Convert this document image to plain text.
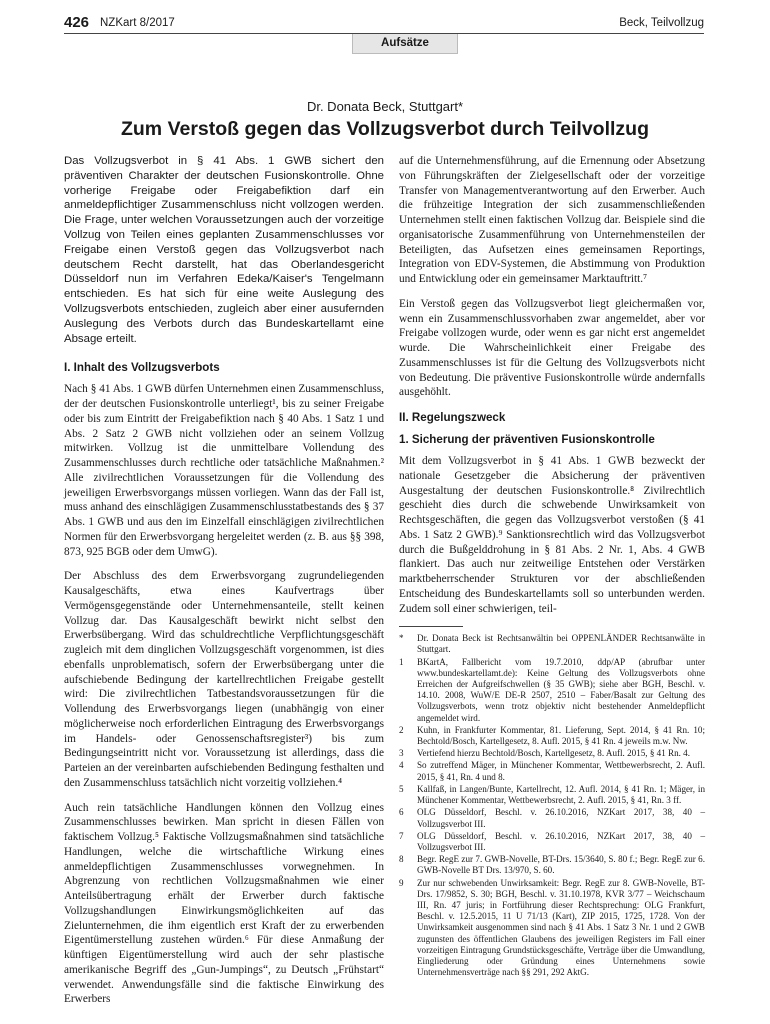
426 NZKart 8/2017	Beck, Teilvollzug
Aufsätze
Dr. Donata Beck, Stuttgart*
Zum Verstoß gegen das Vollzugsverbot durch Teilvollzug

Das Vollzugsverbot in § 41 Abs. 1 GWB sichert den präventiven Charakter der deutschen Fusionskontrolle. Ohne vorherige Freigabe oder Freigabefiktion darf ein anmeldepflichtiger Zusammenschluss nicht vollzogen werden. Die Frage, unter welchen Voraussetzungen auch der vorzeitige Vollzug von Teilen eines geplanten Zusammenschlusses vor Freigabe einen Verstoß gegen das Vollzugsverbot nach deutschem Recht darstellt, hat das Oberlandesgericht Düsseldorf nun im Verfahren Edeka/Kaiser's Tengelmann entschieden. Es hat sich für eine weite Auslegung des Vollzugsverbots entschieden, zugleich aber einer ausufernden Auslegung des Verbots durch das Bundeskartellamt eine Absage erteilt.

I. Inhalt des Vollzugsverbots

Nach § 41 Abs. 1 GWB dürfen Unternehmen einen Zusammenschluss, der der deutschen Fusionskontrolle unterliegt¹, bis zu seiner Freigabe oder bis zum Eintritt der Freigabefiktion nach § 40 Abs. 1 Satz 1 und Abs. 2 Satz 2 GWB nicht vollziehen oder an seinem Vollzug mitwirken. Vollzug ist die unmittelbare Vollendung des Zusammenschlusses durch rechtliche oder tatsächliche Maßnahmen.² Alle zivilrechtlichen Voraussetzungen für die Vollendung des jeweiligen Erwerbsvorgangs müssen vorliegen. Wann das der Fall ist, muss anhand des einschlägigen Zusammenschlusstatbestands des § 37 Abs. 1 GWB und aus den im Einzelfall einschlägigen zivilrechtlichen Normen für den Erwerbsvorgang hergeleitet werden (z. B. aus §§ 398, 873, 925 BGB oder dem UmwG).

Der Abschluss des dem Erwerbsvorgang zugrundeliegenden Kausalgeschäfts, etwa eines Kaufvertrags über Vermögensgegenstände oder Unternehmensanteile, stellt keinen Vollzug dar. Das Kausalgeschäft bewirkt nicht selbst den Erwerbsübergang. Wird das schuldrechtliche Verpflichtungsgeschäft zugleich mit dem dinglichen Vollzugsgeschäft vorgenommen, ist dies ebenfalls unproblematisch, sofern der Erwerbsübergang unter die aufschiebende Bedingung der kartellrechtlichen Freigabe gestellt wird: Die zivilrechtlichen Tatbestandsvoraussetzungen für die Vollendung des Erwerbsvorgangs liegen (unabhängig von einer möglicherweise noch erforderlichen Eintragung des Erwerbsvorgangs im Handels- oder Genossenschaftsregister³) bis zum Bedingungseintritt nicht vor. Voraussetzung ist allerdings, dass die Parteien an der vereinbarten aufschiebenden Bedingung festhalten und den Zusammenschluss tatsächlich nicht vorzeitig vollziehen.⁴

Auch rein tatsächliche Handlungen können den Vollzug eines Zusammenschlusses bewirken. Man spricht in diesen Fällen von faktischem Vollzug.⁵ Faktische Vollzugsmaßnahmen sind tatsächliche Handlungen, welche die wirtschaftliche Wirkung eines anmeldepflichtigen Zusammenschlusses vorwegnehmen. In Abgrenzung von rechtlichen Vollzugsmaßnahmen wie einer Anteilsübertragung erhält der Erwerber durch faktische Vollzugshandlungen Einwirkungsmöglichkeiten auf das Zielunternehmen, die ihm eigentlich erst Kraft der zu erwerbenden Eigentümerstellung zustehen würden.⁶ Für diese Anmaßung der künftigen Eigentümerstellung wird auch der sehr plastische amerikanische Begriff des „Gun-Jumpings“, zu Deutsch „Frühstart“ verwendet. Anwendungsfälle sind die faktische Einwirkung des Erwerbers

auf die Unternehmensführung, auf die Ernennung oder Absetzung von Führungskräften der Zielgesellschaft oder der vorzeitige Transfer von Managementverantwortung auf den Erwerber. Auch die frühzeitige Integration der sich zusammenschließenden Unternehmen stellt einen faktischen Vollzug dar. Beispiele sind die organisatorische Zusammenführung von Unternehmensteilen der Beteiligten, das Aufsetzen eines gemeinsamen Reportings, Integration von EDV-Systemen, die Abstimmung von Produktion und Entwicklung oder ein gemeinsamer Marktauftritt.⁷

Ein Verstoß gegen das Vollzugsverbot liegt gleichermaßen vor, wenn ein Zusammenschlussvorhaben zwar angemeldet, aber vor Freigabe vollzogen wurde, oder wenn es gar nicht erst angemeldet wurde. Die Wahrscheinlichkeit einer Freigabe des Zusammenschlusses ist für die Geltung des Vollzugsverbots nicht von Bedeutung. Die präventive Fusionskontrolle würde andernfalls ausgehöhlt.

II. Regelungszweck
1. Sicherung der präventiven Fusionskontrolle

Mit dem Vollzugsverbot in § 41 Abs. 1 GWB bezweckt der nationale Gesetzgeber die Absicherung der präventiven Ausgestaltung der deutschen Fusionskontrolle.⁸ Zivilrechtlich geschieht dies durch die schwebende Unwirksamkeit von Rechtsgeschäften, die gegen das Vollzugsverbot verstoßen (§ 41 Abs. 1 Satz 2 GWB).⁹ Sanktionsrechtlich wird das Vollzugsverbot durch die Bußgelddrohung in § 81 Abs. 2 Nr. 1, Abs. 4 GWB flankiert. Das auch nur zeitweilige Entstehen oder Verstärken marktbeherrschender Strukturen vor der abschließenden Entscheidung des Bundeskartellamts soll so unterbunden werden. Zudem soll einer schwierigen, teil-

*	Dr. Donata Beck ist Rechtsanwältin bei OPPENLÄNDER Rechtsanwälte in Stuttgart.
1	BKartA, Fallbericht vom 19.7.2010, ddp/AP (abrufbar unter www.bundeskartellamt.de): Keine Geltung des Vollzugsverbots ohne Erreichen der Aufgreifschwellen (§ 35 GWB); siehe aber BGH, Beschl. v. 14.10. 2008, WuW/E DE-R 2507, 2510 – Faber/Basalt zur Geltung des Vollzugsverbots, wenn trotz objektiv nicht bestehender Anmeldepflicht angemeldet wird.
2	Kuhn, in Frankfurter Kommentar, 81. Lieferung, Sept. 2014, § 41 Rn. 10; Bechtold/Bosch, Kartellgesetz, 8. Aufl. 2015, § 41 Rn. 4 jeweils m.w. Nw.
3	Vertiefend hierzu Bechtold/Bosch, Kartellgesetz, 8. Aufl. 2015, § 41 Rn. 4.
4	So zutreffend Mäger, in Münchener Kommentar, Wettbewerbsrecht, 2. Aufl. 2015, § 41, Rn. 4 und 8.
5	Kallfaß, in Langen/Bunte, Kartellrecht, 12. Aufl. 2014, § 41 Rn. 1; Mäger, in Münchener Kommentar, Wettbewerbsrecht, 2. Aufl. 2015, § 41, Rn. 3 ff.
6	OLG Düsseldorf, Beschl. v. 26.10.2016, NZKart 2017, 38, 40 – Vollzugsverbot III.
7	OLG Düsseldorf, Beschl. v. 26.10.2016, NZKart 2017, 38, 40 – Vollzugsverbot III.
8	Begr. RegE zur 7. GWB-Novelle, BT-Drs. 15/3640, S. 80 f.; Begr. RegE zur 6. GWB-Novelle BT Drs. 13/970, S. 60.
9	Zur nur schwebenden Unwirksamkeit: Begr. RegE zur 8. GWB-Novelle, BT-Drs. 17/9852, S. 30; BGH, Beschl. v. 31.10.1978, KVR 3/77 – Weichschaum III, Rn. 47 juris; in Fortführung dieser Rechtsprechung: OLG Frankfurt, Beschl. v. 12.5.2015, 11 U 71/13 (Kart), ZIP 2015, 1725, 1728. Von der Unwirksamkeit ausgenommen sind nach § 41 Abs. 1 Satz 3 Nr. 1 und 2 GWB zugunsten des öffentlichen Glaubens des jeweiligen Registers im Fall einer vorzeitigen Eintragung Grundstücksgeschäfte, Verträge über die Umwandlung, Eingliederung oder Gründung eines Unternehmens sowie Unternehmensverträge nach §§ 291, 292 AktG.
